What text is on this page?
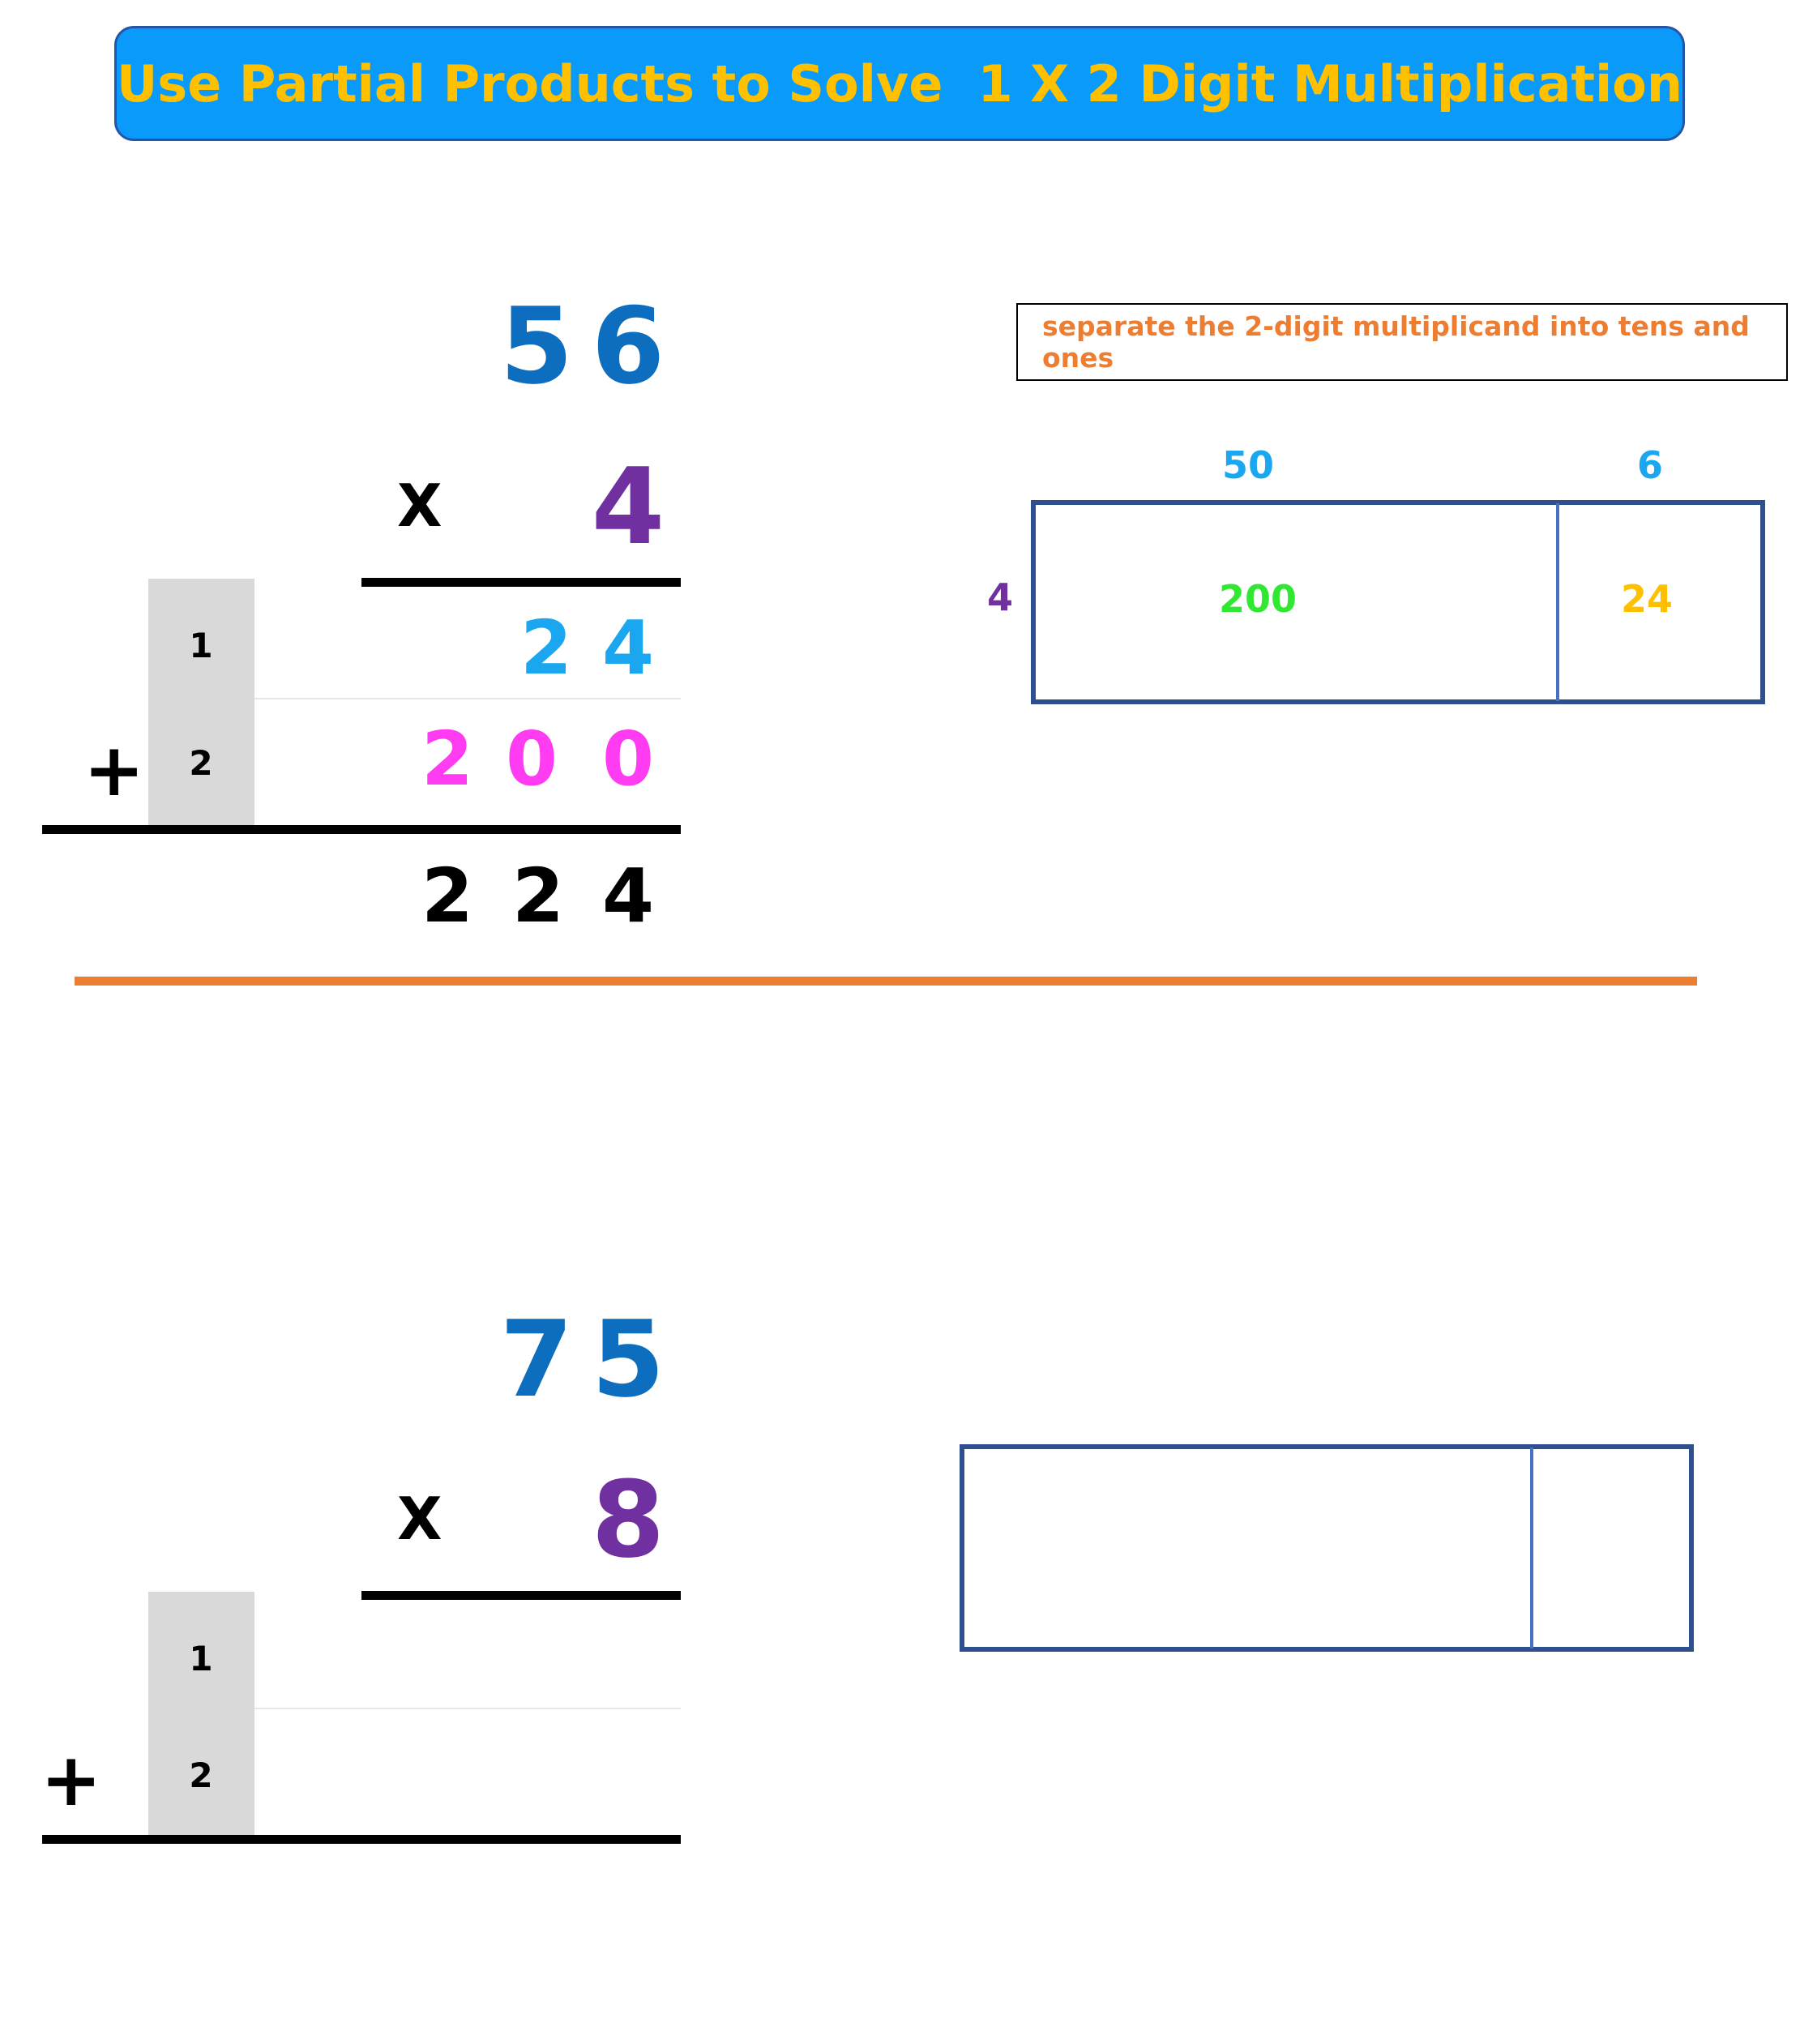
Use Partial Products to Solve  1 X 2 Digit Multiplication
5 6
X 4
1
2
2 4
+	2 0 0
2 2 4
separate the 2-digit multiplicand into tens and ones
50	6
4	200	24
7 5
X 8
1
2
+
